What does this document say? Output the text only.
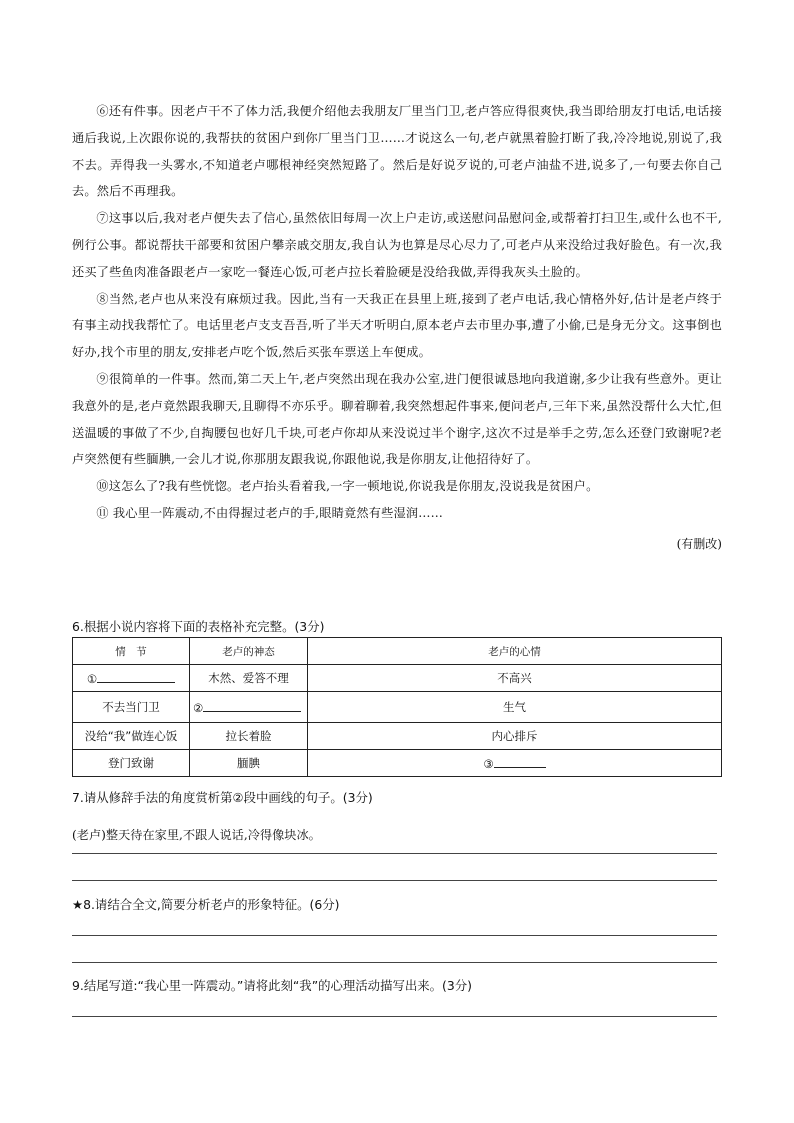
⑥还有件事。因老卢干不了体力活,我便介绍他去我朋友厂里当门卫,老卢答应得很爽快,我当即给朋友打电话,电话接通后我说,上次跟你说的,我帮扶的贫困户到你厂里当门卫……才说这么一句,老卢就黑着脸打断了我,冷冷地说,别说了,我不去。弄得我一头雾水,不知道老卢哪根神经突然短路了。然后是好说歹说的,可老卢油盐不进,说多了,一句要去你自己去。然后不再理我。

⑦这事以后,我对老卢便失去了信心,虽然依旧每周一次上户走访,或送慰问品慰问金,或帮着打扫卫生,或什么也不干,例行公事。都说帮扶干部要和贫困户攀亲戚交朋友,我自认为也算是尽心尽力了,可老卢从来没给过我好脸色。有一次,我还买了些鱼肉准备跟老卢一家吃一餐连心饭,可老卢拉长着脸硬是没给我做,弄得我灰头土脸的。

⑧当然,老卢也从来没有麻烦过我。因此,当有一天我正在县里上班,接到了老卢电话,我心情格外好,估计是老卢终于有事主动找我帮忙了。电话里老卢支支吾吾,听了半天才听明白,原本老卢去市里办事,遭了小偷,已是身无分文。这事倒也好办,找个市里的朋友,安排老卢吃个饭,然后买张车票送上车便成。

⑨很简单的一件事。然而,第二天上午,老卢突然出现在我办公室,进门便很诚恳地向我道谢,多少让我有些意外。更让我意外的是,老卢竟然跟我聊天,且聊得不亦乐乎。聊着聊着,我突然想起件事来,便问老卢,三年下来,虽然没帮什么大忙,但送温暖的事做了不少,自掏腰包也好几千块,可老卢你却从来没说过半个谢字,这次不过是举手之劳,怎么还登门致谢呢?老卢突然便有些腼腆,一会儿才说,你那朋友跟我说,你跟他说,我是你朋友,让他招待好了。

⑩这怎么了?我有些恍惚。老卢抬头看着我,一字一顿地说,你说我是你朋友,没说我是贫困户。

⑪ 我心里一阵震动,不由得握过老卢的手,眼睛竟然有些湿润……

(有删改)

6.根据小说内容将下面的表格补充完整。(3分)

情　节	老卢的神态	老卢的心情
①	木然、爱答不理	不高兴
不去当门卫	②	生气
没给“我”做连心饭	拉长着脸	内心排斥
登门致谢	腼腆	③

7.请从修辞手法的角度赏析第②段中画线的句子。(3分)

(老卢)整天待在家里,不跟人说话,冷得像块冰。

★8.请结合全文,简要分析老卢的形象特征。(6分)

9.结尾写道:“我心里一阵震动。”请将此刻“我”的心理活动描写出来。(3分)
